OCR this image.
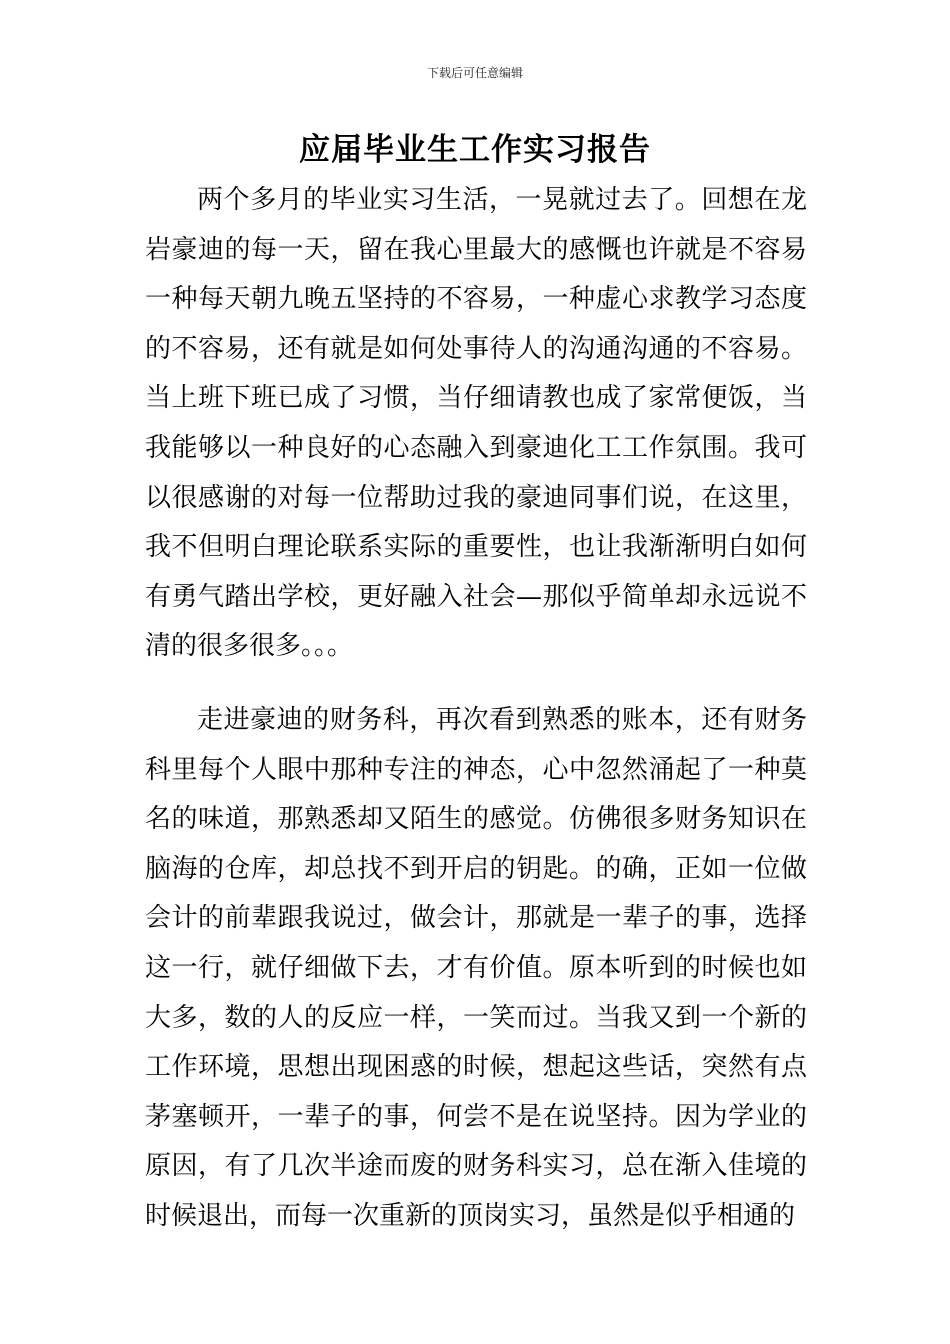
下载后可任意编辑
应届毕业生工作实习报告

两个多月的毕业实习生活，一晃就过去了。回想在龙岩豪迪的每一天，留在我心里最大的感慨也许就是不容易一种每天朝九晚五坚持的不容易，一种虚心求教学习态度的不容易，还有就是如何处事待人的沟通沟通的不容易。当上班下班已成了习惯，当仔细请教也成了家常便饭，当我能够以一种良好的心态融入到豪迪化工工作氛围。我可以很感谢的对每一位帮助过我的豪迪同事们说，在这里，我不但明白理论联系实际的重要性，也让我渐渐明白如何有勇气踏出学校，更好融入社会—那似乎简单却永远说不清的很多很多。。。

走进豪迪的财务科，再次看到熟悉的账本，还有财务科里每个人眼中那种专注的神态，心中忽然涌起了一种莫名的味道，那熟悉却又陌生的感觉。仿佛很多财务知识在脑海的仓库，却总找不到开启的钥匙。的确，正如一位做会计的前辈跟我说过，做会计，那就是一辈子的事，选择这一行，就仔细做下去，才有价值。原本听到的时候也如大多，数的人的反应一样，一笑而过。当我又到一个新的工作环境，思想出现困惑的时候，想起这些话，突然有点茅塞顿开，一辈子的事，何尝不是在说坚持。因为学业的原因，有了几次半途而废的财务科实习，总在渐入佳境的时候退出，而每一次重新的顶岗实习，虽然是似乎相通的
